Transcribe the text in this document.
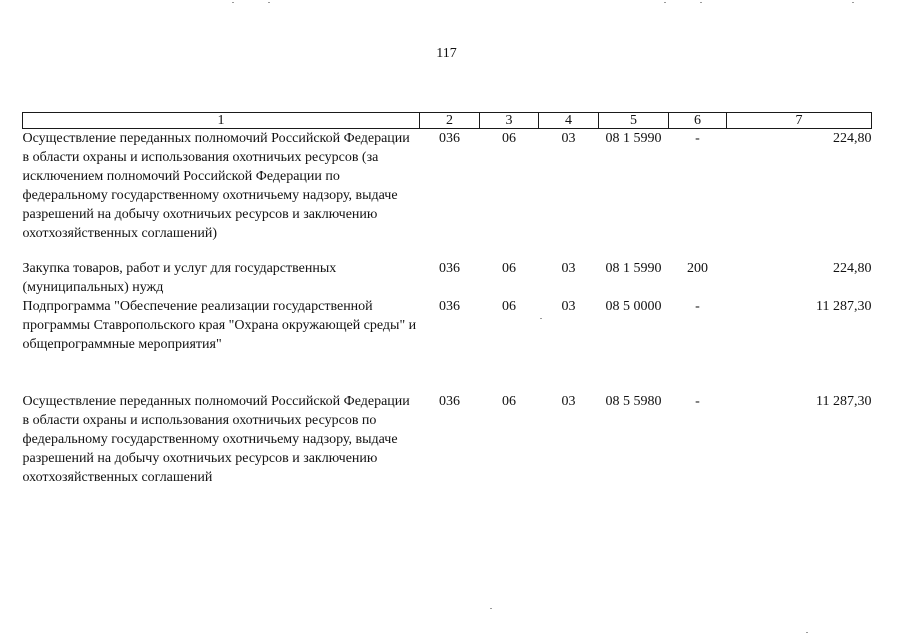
117
1	2	3	4	5	6	7
Осуществление переданных полномочий Российской Федерации в области охраны и использования охотничьих ресурсов (за исключением полномочий Российской Федерации по федеральному государственному охотничьему надзору, выдаче разрешений на добычу охотничьих ресурсов и заключению охотхозяйственных соглашений)	036	06	03	08 1 5990	-	224,80
Закупка товаров, работ и услуг для государственных (муниципальных) нужд	036	06	03	08 1 5990	200	224,80
Подпрограмма "Обеспечение реализации государственной программы Ставропольского края "Охрана окружающей среды" и общепрограммные мероприятия"	036	06	03	08 5 0000	-	11 287,30
Осуществление переданных полномочий Российской Федерации в области охраны и использования охотничьих ресурсов по федеральному государственному охотничьему надзору, выдаче разрешений на добычу охотничьих ресурсов и заключению охотхозяйственных соглашений	036	06	03	08 5 5980	-	11 287,30
